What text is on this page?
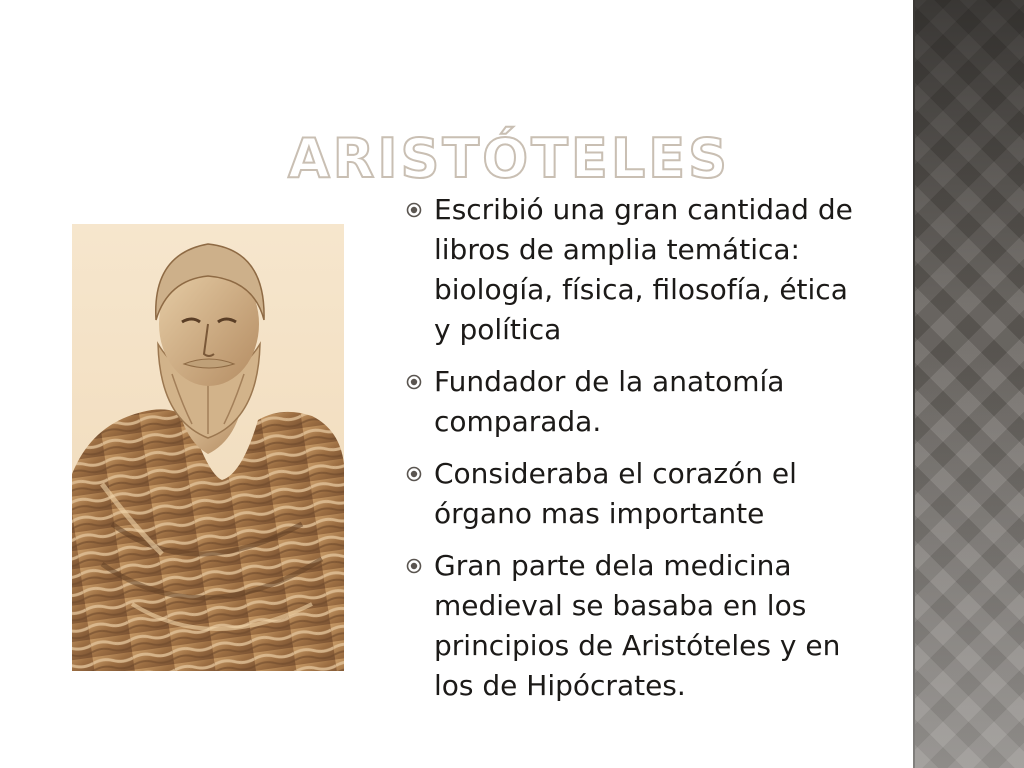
ARISTÓTELES
Escribió una gran cantidad de libros de amplia temática: biología, física, filosofía, ética y política
Fundador de la anatomía comparada.
Consideraba el corazón el órgano mas importante
Gran parte dela medicina medieval se basaba en los principios de Aristóteles y en los de Hipócrates.
